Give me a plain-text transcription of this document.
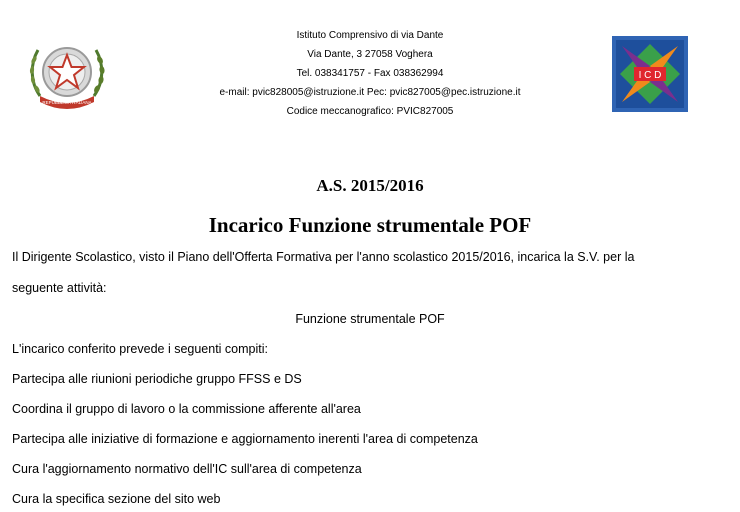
REPUBBLICA ITALIANA
I C D
Istituto Comprensivo di via Dante
Via Dante, 3 27058 Voghera
Tel. 038341757 - Fax 038362994
e-mail: pvic828005@istruzione.it Pec: pvic827005@pec.istruzione.it
Codice meccanografico: PVIC827005
A.S. 2015/2016
Incarico Funzione strumentale POF
Il Dirigente Scolastico, visto il Piano dell'Offerta Formativa per l'anno scolastico 2015/2016, incarica la S.V. per la
seguente attività:
Funzione strumentale POF
L'incarico conferito prevede i seguenti compiti:
Partecipa alle riunioni periodiche gruppo FFSS e DS
Coordina il gruppo di lavoro o la commissione afferente all'area
Partecipa alle iniziative di formazione e aggiornamento inerenti l'area di competenza
Cura l'aggiornamento normativo dell'IC sull'area di competenza
Cura la specifica sezione del sito web
